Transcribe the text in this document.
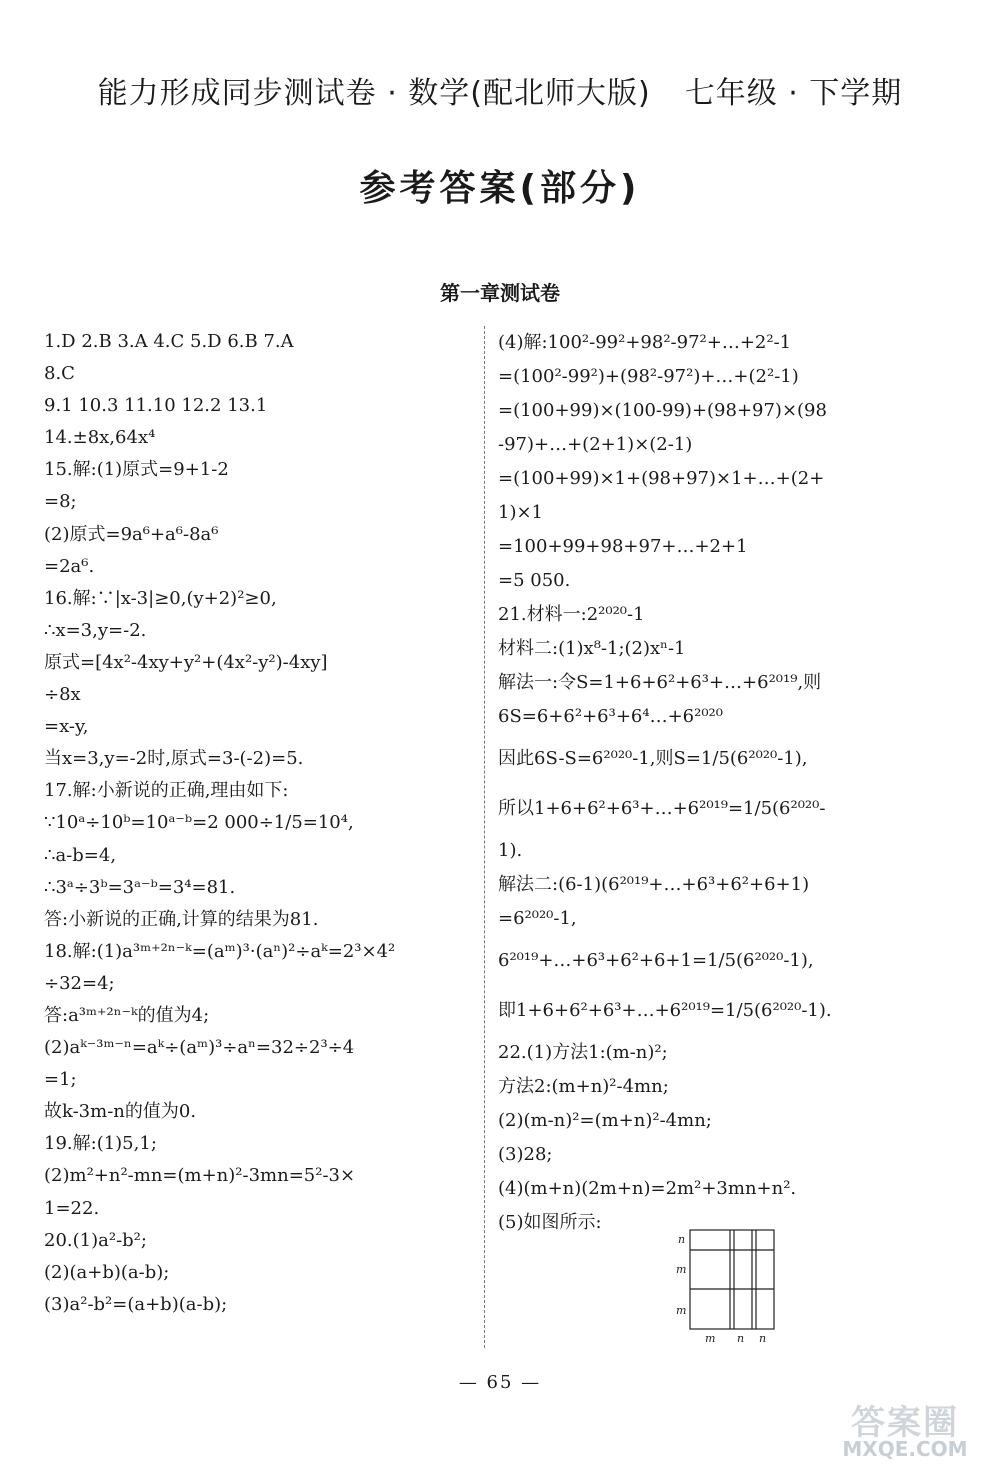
能力形成同步测试卷 · 数学(配北师大版) 七年级 · 下学期
参考答案(部分)
第一章测试卷
1.D 2.B 3.A 4.C 5.D 6.B 7.A
8.C
9.1 10.3 11.10 12.2 13.1
14.±8x,64x⁴
15.解:(1)原式=9+1-2
=8;
(2)原式=9a⁶+a⁶-8a⁶
=2a⁶.
16.解:∵|x-3|≥0,(y+2)²≥0,
∴x=3,y=-2.
原式=[4x²-4xy+y²+(4x²-y²)-4xy]
÷8x
=x-y,
当x=3,y=-2时,原式=3-(-2)=5.
17.解:小新说的正确,理由如下:
∵10ᵃ÷10ᵇ=10ᵃ⁻ᵇ=2 000÷1/5=10⁴,
∴a-b=4,
∴3ᵃ÷3ᵇ=3ᵃ⁻ᵇ=3⁴=81.
答:小新说的正确,计算的结果为81.
18.解:(1)a³ᵐ⁺²ⁿ⁻ᵏ=(aᵐ)³·(aⁿ)²÷aᵏ=2³×4²
÷32=4;
答:a³ᵐ⁺²ⁿ⁻ᵏ的值为4;
(2)aᵏ⁻³ᵐ⁻ⁿ=aᵏ÷(aᵐ)³÷aⁿ=32÷2³÷4
=1;
故k-3m-n的值为0.
19.解:(1)5,1;
(2)m²+n²-mn=(m+n)²-3mn=5²-3×
1=22.
20.(1)a²-b²;
(2)(a+b)(a-b);
(3)a²-b²=(a+b)(a-b);
(4)解:100²-99²+98²-97²+…+2²-1
=(100²-99²)+(98²-97²)+…+(2²-1)
=(100+99)×(100-99)+(98+97)×(98
-97)+…+(2+1)×(2-1)
=(100+99)×1+(98+97)×1+…+(2+
1)×1
=100+99+98+97+…+2+1
=5 050.
21.材料一:2²⁰²⁰-1
材料二:(1)x⁸-1;(2)xⁿ-1
解法一:令S=1+6+6²+6³+…+6²⁰¹⁹,则
6S=6+6²+6³+6⁴…+6²⁰²⁰
因此6S-S=6²⁰²⁰-1,则S=1/5(6²⁰²⁰-1),
所以1+6+6²+6³+…+6²⁰¹⁹=1/5(6²⁰²⁰-
1).
解法二:(6-1)(6²⁰¹⁹+…+6³+6²+6+1)
=6²⁰²⁰-1,
6²⁰¹⁹+…+6³+6²+6+1=1/5(6²⁰²⁰-1),
即1+6+6²+6³+…+6²⁰¹⁹=1/5(6²⁰²⁰-1).
22.(1)方法1:(m-n)²;
方法2:(m+n)²-4mn;
(2)(m-n)²=(m+n)²-4mn;
(3)28;
(4)(m+n)(2m+n)=2m²+3mn+n².
(5)如图所示:
n
m
m
m n n
— 65 —
答案圈
MXQE.COM
